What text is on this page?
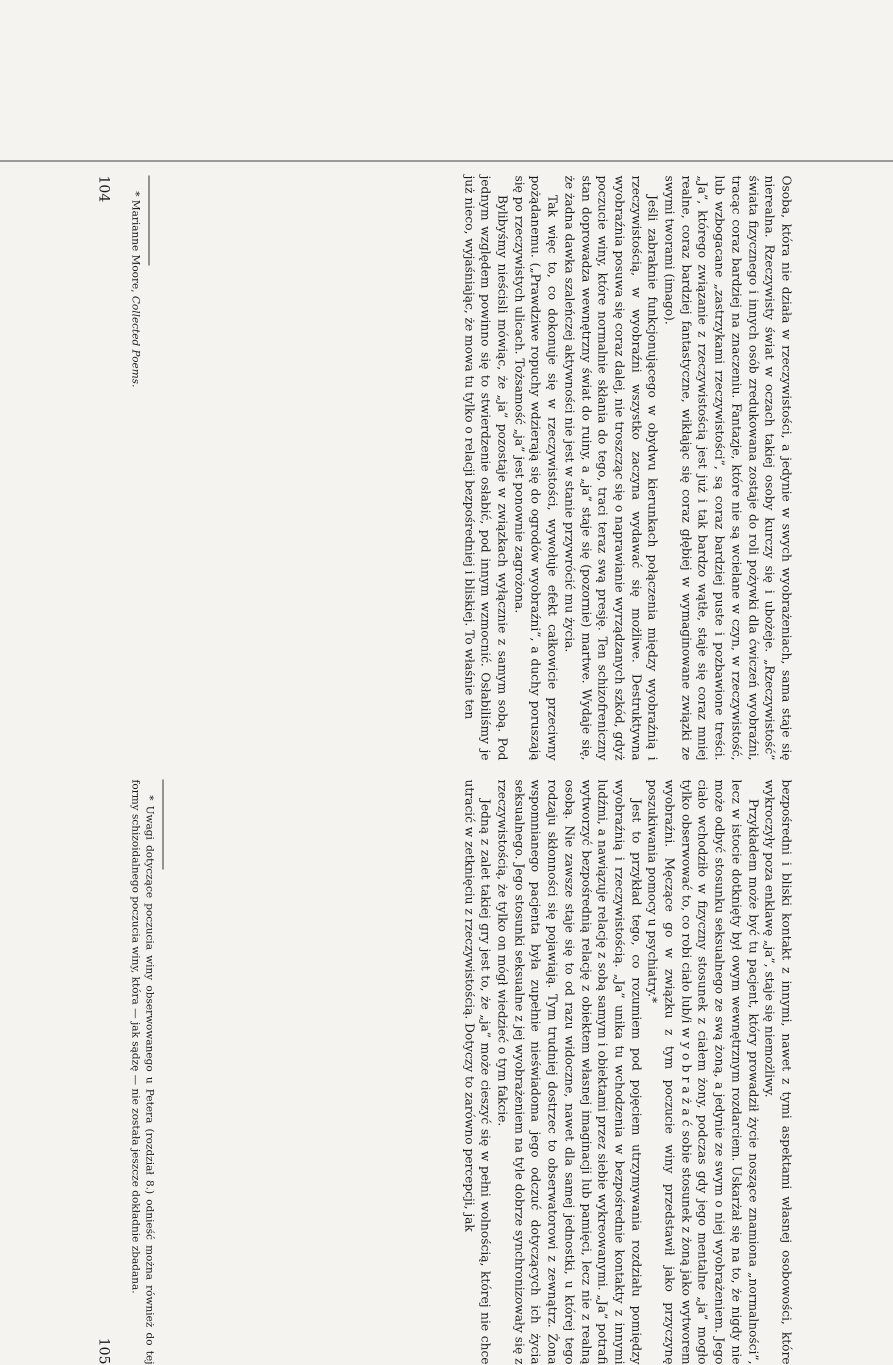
Osoba, która nie działa w rzeczywistości, a jedynie w swych wyobrażeniach, sama staje się nierealna. Rzeczywisty świat w oczach takiej osoby kurczy się i ubożeje. „Rzeczywistość” świata fizycznego i innych osób zredukowana zostaje do roli pożywki dla ćwiczeń wyobraźni, tracąc coraz bardziej na znaczeniu. Fantazje, które nie są wcielane w czyn, w rzeczywistość, lub wzbogacane „zastrzykami rzeczywistości”, są coraz bardziej puste i pozbawione treści. „Ja”, którego związanie z rzeczywistością jest już i tak bardzo wątłe, staje się coraz mniej realne, coraz bardziej fantastyczne, wikłając się coraz głębiej w wymaginowane związki ze swymi tworami (imago).

Jeśli zabraknie funkcjonującego w obydwu kierunkach połączenia między wyobraźnią i rzeczywistością, w wyobraźni wszystko zaczyna wydawać się możliwe. Destruktywna wyobraźnia posuwa się coraz dalej, nie troszcząc się o naprawianie wyrządzanych szkód, gdyż poczucie winy, które normalnie skłania do tego, traci teraz swą presję. Ten schizofreniczny stan doprowadza wewnętrzny świat do ruiny, a „ja” staje się (pozornie) martwe. Wydaje się, że żadna dawka szaleńczej aktywności nie jest w stanie przywrócić mu życia.

Tak więc to, co dokonuje się w rzeczywistości, wywołuje efekt całkowicie przeciwny pożądanemu. („Prawdziwe ropuchy wdzierają się do ogrodów wyobraźni”, a duchy poruszają się po rzeczywistych ulicach. Tożsamość „ja” jest ponownie zagrożona.

Bylibyśmy nieścisli mówiąc, że „ja” pozostaje w związkach wyłącznie z samym sobą. Pod jednym względem powinno się to stwierdzenie osłabić, pod innym wzmocnić. Osłabiliśmy je już nieco, wyjaśniając, że mowa tu tylko o relacji bezpośredniej i bliskiej. To właśnie ten

* Marianne Moore, Collected Poems.
104

bezpośredni i bliski kontakt z innymi, nawet z tymi aspektami własnej osobowości, które wykroczyły poza enklawę „ja”, staje się niemożliwy.

Przykładem może być tu pacjent, który prowadził życie noszące znamiona „normalności”, lecz w istocie dotknięty był owym wewnętrznym rozdarciem. Uskarżał się na to, że nigdy nie może odbyć stosunku seksualnego ze swą żoną, a jedynie ze swym o niej wyobrażeniem. Jego ciało wchodziło w fizyczny stosunek z ciałem żony, podczas gdy jego mentalne „ja” mogło tylko obserwować to, co robi ciało lub/i w y o b r a ż a ć sobie stosunek z żoną jako wytworem wyobraźni. Męczące go w związku z tym poczucie winy przedstawił jako przyczynę poszukiwania pomocy u psychiatry.*

Jest to przykład tego, co rozumiem pod pojęciem utrzymywania rozdziału pomiędzy wyobraźnią i rzeczywistością. „Ja” unika tu wchodzenia w bezpośrednie kontakty z innymi ludźmi, a nawiązuje relację z sobą samym i obiektami przez siebie wykreowanymi. „Ja” potrafi wytworzyć bezpośrednią relację z obiektem własnej imaginacji lub pamięci, lecz nie z realną osobą. Nie zawsze staje się to od razu widoczne, nawet dla samej jednostki, u której tego rodzaju skłonności się pojawiają. Tym trudniej dostrzec to obserwatorowi z zewnątrz. Żona wspomnianego pacjenta była zupełnie nieświadoma jego odczuć dotyczących ich życia seksualnego. Jego stosunki seksualne z jej wyobrażeniem na tyle dobrze synchronizowały się z rzeczywistością, że tylko on mógł wiedzieć o tym fakcie.

Jedną z zalet takiej gry jest to, że „ja” może cieszyć się w pełni wolnością, której nie chce utracić w zetknięciu z rzeczywistością. Dotyczy to zarówno percepcji, jak

* Uwagi dotyczące poczucia winy obserwowanego u Petera (rozdział 8.) odnieść można również do tej formy schizoidalnego poczucia winy, która — jak sądzę — nie została jeszcze dokładnie zbadana.
105
